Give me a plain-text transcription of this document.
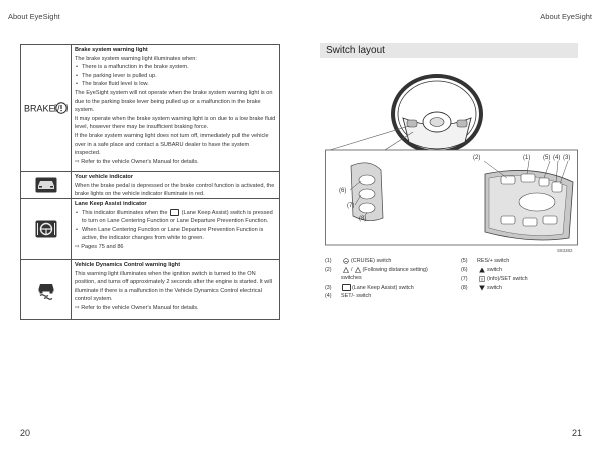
About EyeSight	About EyeSight
BRAKE /
Brake system warning light

The brake system warning light illuminates when:

• There is a malfunction in the brake system.
• The parking lever is pulled up.
• The brake fluid level is low.

The EyeSight system will not operate when the brake system warning light is on due to the parking brake lever being pulled up or a malfunction in the brake system.

It may operate when the brake system warning light is on due to a low brake fluid level, however there may be insufficient braking force.

If the brake system warning light does not turn off, immediately pull the vehicle over in a safe place and contact a SUBARU dealer to have the system inspected.

⇨ Refer to the vehicle Owner's Manual for details.

Your vehicle indicator

When the brake pedal is depressed or the brake control function is activated, the brake lights on the vehicle indicator illuminate in red.

Lane Keep Assist indicator
• This indicator illuminates when the	(Lane Keep Assist) switch is pressed to turn on Lane Centering Function or Lane Departure Prevention Function.
• When Lane Centering Function or Lane Departure Prevention Function is active, the indicator changes from white to green.

⇨ Pages 75 and 86

Vehicle Dynamics Control warning light

This warning light illuminates when the ignition switch is turned to the ON position, and turns off approximately 2 seconds after the engine is started. It will illuminate if there is a malfunction in the Vehicle Dynamics Control electrical control system.

⇨ Refer to the vehicle Owner's Manual for details.

Switch layout
(2)	(1) (5) (4) (3)
(6)
(7)
(8)
S83382
(1)	(CRUISE) switch
(2)	/ (Following distance setting)
switches
(3)	(Lane Keep Assist) switch
(4)	SET/- switch
(5)	RES/+ switch
(6)	switch
(7)	(info)/SET switch
(8)	switch
20	21
